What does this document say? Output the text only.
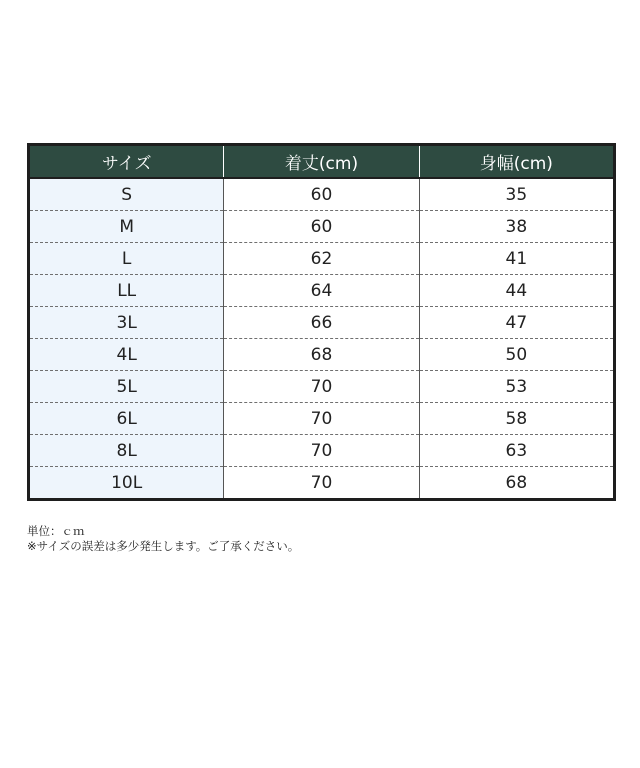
サイズ	着丈(cm)	身幅(cm)
S	60	35
M	60	38
L	62	41
LL	64	44
3L	66	47
4L	68	50
5L	70	53
6L	70	58
8L	70	63
10L	70	68
単位：ｃｍ
※サイズの誤差は多少発生します。ご了承ください。
